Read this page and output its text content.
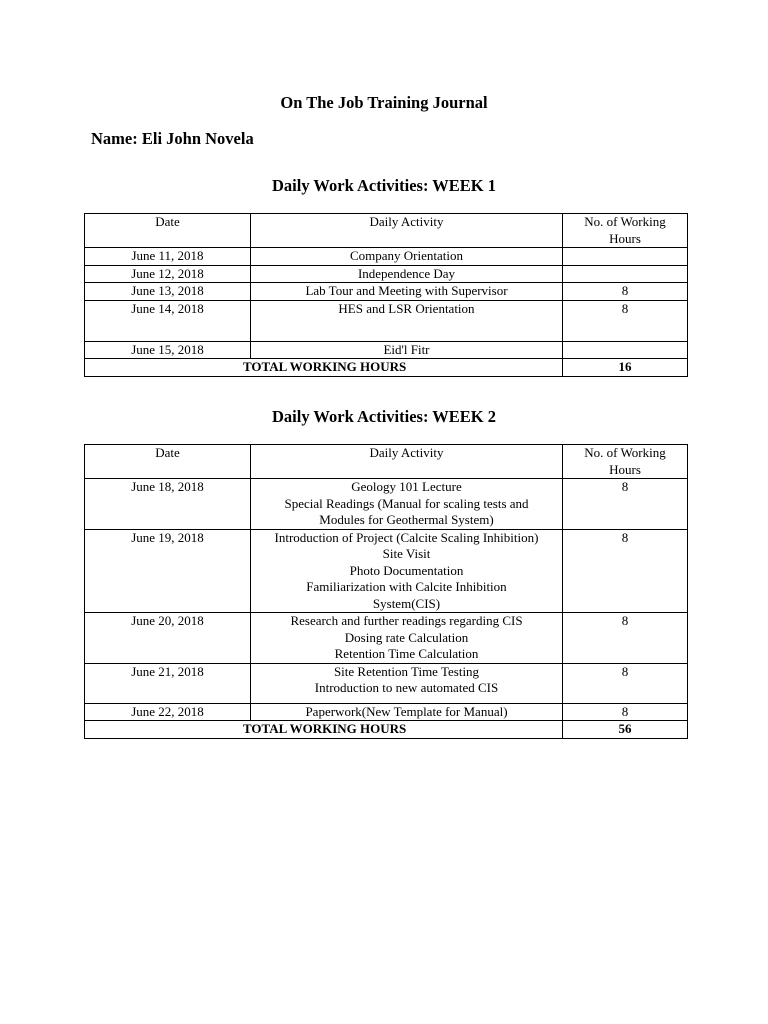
On The Job Training Journal
Name: Eli John Novela
Daily Work Activities: WEEK 1
Date	Daily Activity	No. of Working Hours
June 11, 2018	Company Orientation	

June 12, 2018	Independence Day	

June 13, 2018	Lab Tour and Meeting with Supervisor	8
June 14, 2018	HES and LSR Orientation	8
June 15, 2018	Eid'l Fitr	

TOTAL WORKING HOURS		16
Daily Work Activities: WEEK 2
Date	Daily Activity	No. of Working Hours
June 18, 2018	Geology 101 Lecture
Special Readings (Manual for scaling tests and
Modules for Geothermal System)	8
June 19, 2018	Introduction of Project (Calcite Scaling Inhibition)
Site Visit
Photo Documentation
Familiarization with Calcite Inhibition
System(CIS)	8
June 20, 2018	Research and further readings regarding CIS
Dosing rate Calculation
Retention Time Calculation	8
June 21, 2018	Site Retention Time Testing
Introduction to new automated CIS	8
June 22, 2018	Paperwork(New Template for Manual)	8
TOTAL WORKING HOURS		56
